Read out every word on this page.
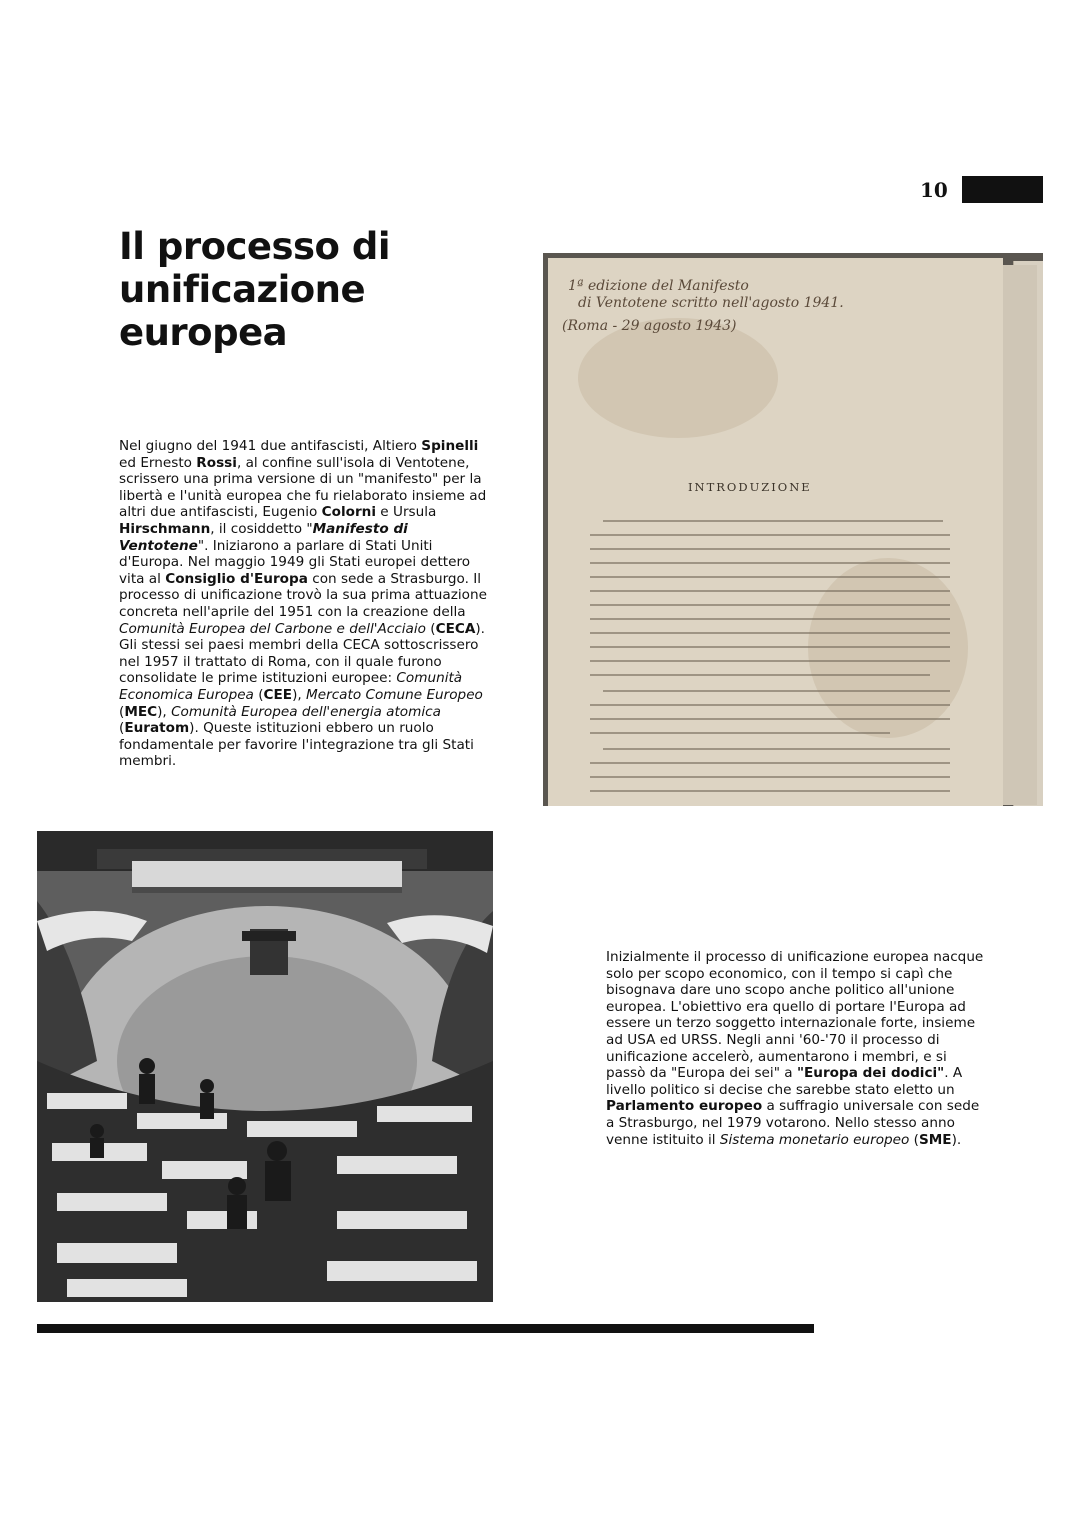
10
Il processo di unificazione europea

Nel giugno del 1941 due antifascisti, Altiero Spinelli ed Ernesto Rossi, al confine sull'isola di Ventotene, scrissero una prima versione di un "manifesto" per la libertà e l'unità europea che fu rielaborato insieme ad altri due antifascisti, Eugenio Colorni e Ursula Hirschmann, il cosiddetto "Manifesto di Ventotene". Iniziarono a parlare di Stati Uniti d'Europa. Nel maggio 1949 gli Stati europei dettero vita al Consiglio d'Europa con sede a Strasburgo. Il processo di unificazione trovò la sua prima attuazione concreta nell'aprile del 1951 con la creazione della Comunità Europea del Carbone e dell'Acciaio (CECA). Gli stessi sei paesi membri della CECA sottoscrissero nel 1957 il trattato di Roma, con il quale furono consolidate le prime istituzioni europee: Comunità Economica Europea (CEE), Mercato Comune Europeo (MEC), Comunità Europea dell'energia atomica (Euratom). Queste istituzioni ebbero un ruolo fondamentale per favorire l'integrazione tra gli Stati membri.

1ª edizione del Manifesto
di Ventotene scritto nell'agosto 1941.
(Roma - 29 agosto 1943)
INTRODUZIONE

Inizialmente il processo di unificazione europea nacque solo per scopo economico, con il tempo si capì che bisognava dare uno scopo anche politico all'unione europea. L'obiettivo era quello di portare l'Europa ad essere un terzo soggetto internazionale forte, insieme ad USA ed URSS. Negli anni '60-'70 il processo di unificazione accelerò, aumentarono i membri, e si passò da "Europa dei sei" a "Europa dei dodici". A livello politico si decise che sarebbe stato eletto un Parlamento europeo a suffragio universale con sede a Strasburgo, nel 1979 votarono. Nello stesso anno venne istituito il Sistema monetario europeo (SME).
